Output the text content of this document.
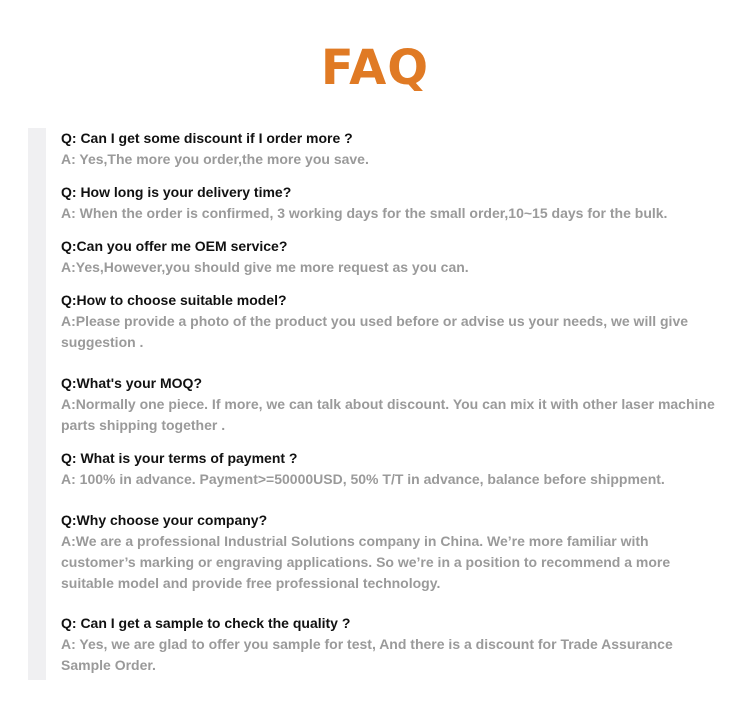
FAQ
Q: Can I get some discount if I order more ?
A: Yes,The more you order,the more you save.
Q: How long is your delivery time?
A: When the order is confirmed, 3 working days for the small order,10~15 days for the bulk.
Q:Can you offer me OEM service?
A:Yes,However,you should give me more request as you can.
Q:How to choose suitable model?
A:Please provide a photo of the product you used before or advise us your needs, we will give suggestion .
Q:What's your MOQ?
A:Normally one piece. If more, we can talk about discount. You can mix it with other laser machine parts shipping together .
Q: What is your terms of payment ?
A: 100% in advance. Payment>=50000USD, 50% T/T in advance, balance before shippment.
Q:Why choose your company?
A:We are a professional Industrial Solutions company in China. We’re more familiar with customer’s marking or engraving applications. So we’re in a position to recommend a more suitable model and provide free professional technology.
Q: Can I get a sample to check the quality ?
A: Yes, we are glad to offer you sample for test, And there is a discount for Trade Assurance Sample Order.
